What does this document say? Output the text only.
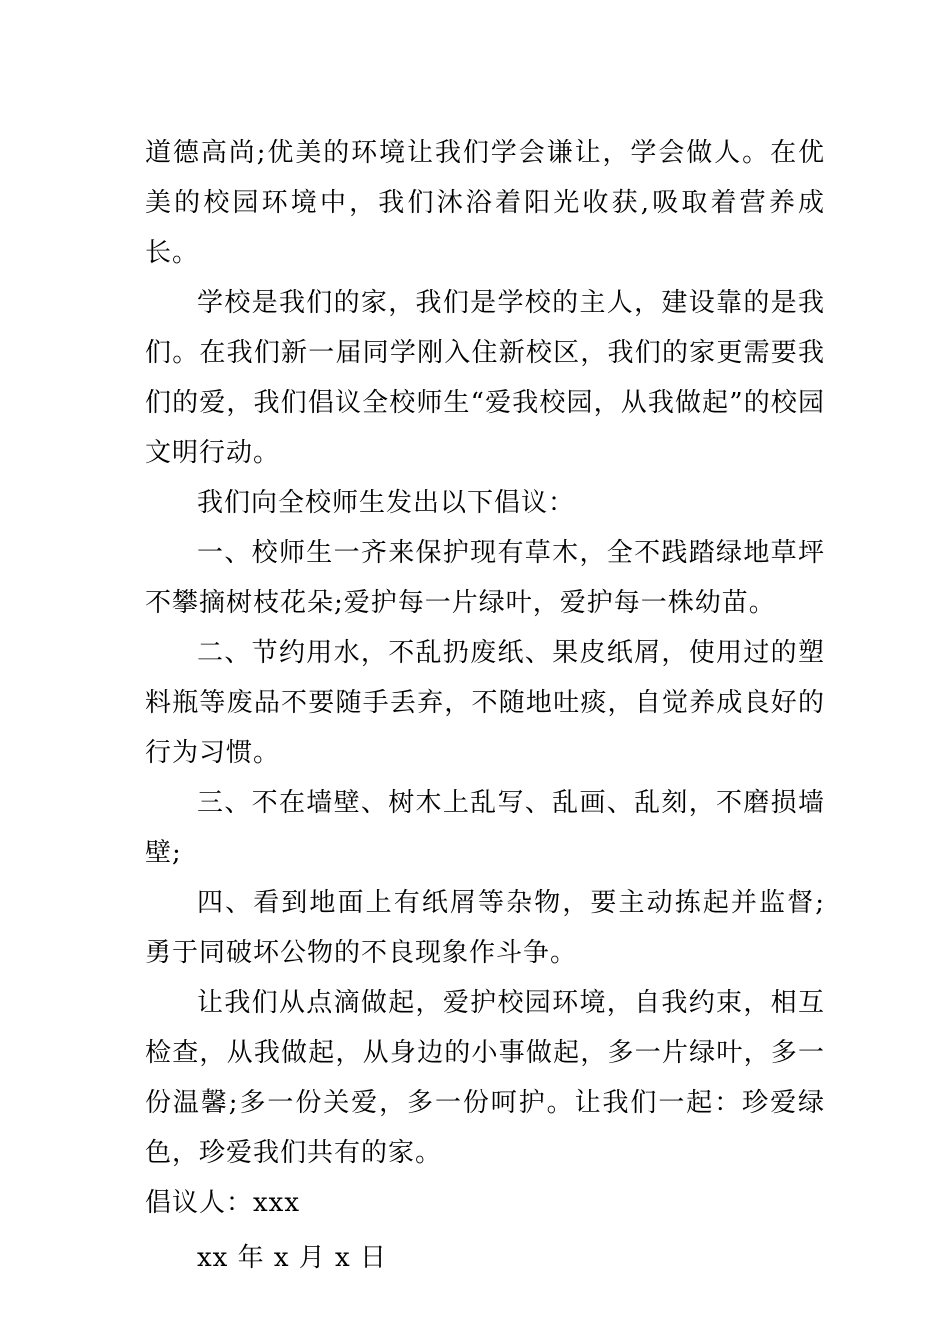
道德高尚;优美的环境让我们学会谦让，学会做人。在优美的校园环境中，我们沐浴着阳光收获,吸取着营养成长。

学校是我们的家，我们是学校的主人，建设靠的是我们。在我们新一届同学刚入住新校区，我们的家更需要我们的爱，我们倡议全校师生“爱我校园，从我做起”的校园文明行动。

我们向全校师生发出以下倡议：

一、校师生一齐来保护现有草木，全不践踏绿地草坪不攀摘树枝花朵;爱护每一片绿叶，爱护每一株幼苗。

二、节约用水，不乱扔废纸、果皮纸屑，使用过的塑料瓶等废品不要随手丢弃，不随地吐痰，自觉养成良好的行为习惯。

三、不在墙壁、树木上乱写、乱画、乱刻，不磨损墙壁;

四、看到地面上有纸屑等杂物，要主动拣起并监督;勇于同破坏公物的不良现象作斗争。

让我们从点滴做起，爱护校园环境，自我约束，相互检查，从我做起，从身边的小事做起，多一片绿叶，多一份温馨;多一份关爱，多一份呵护。让我们一起：珍爱绿色，珍爱我们共有的家。

倡议人：xxx

xx 年 x 月 x 日
